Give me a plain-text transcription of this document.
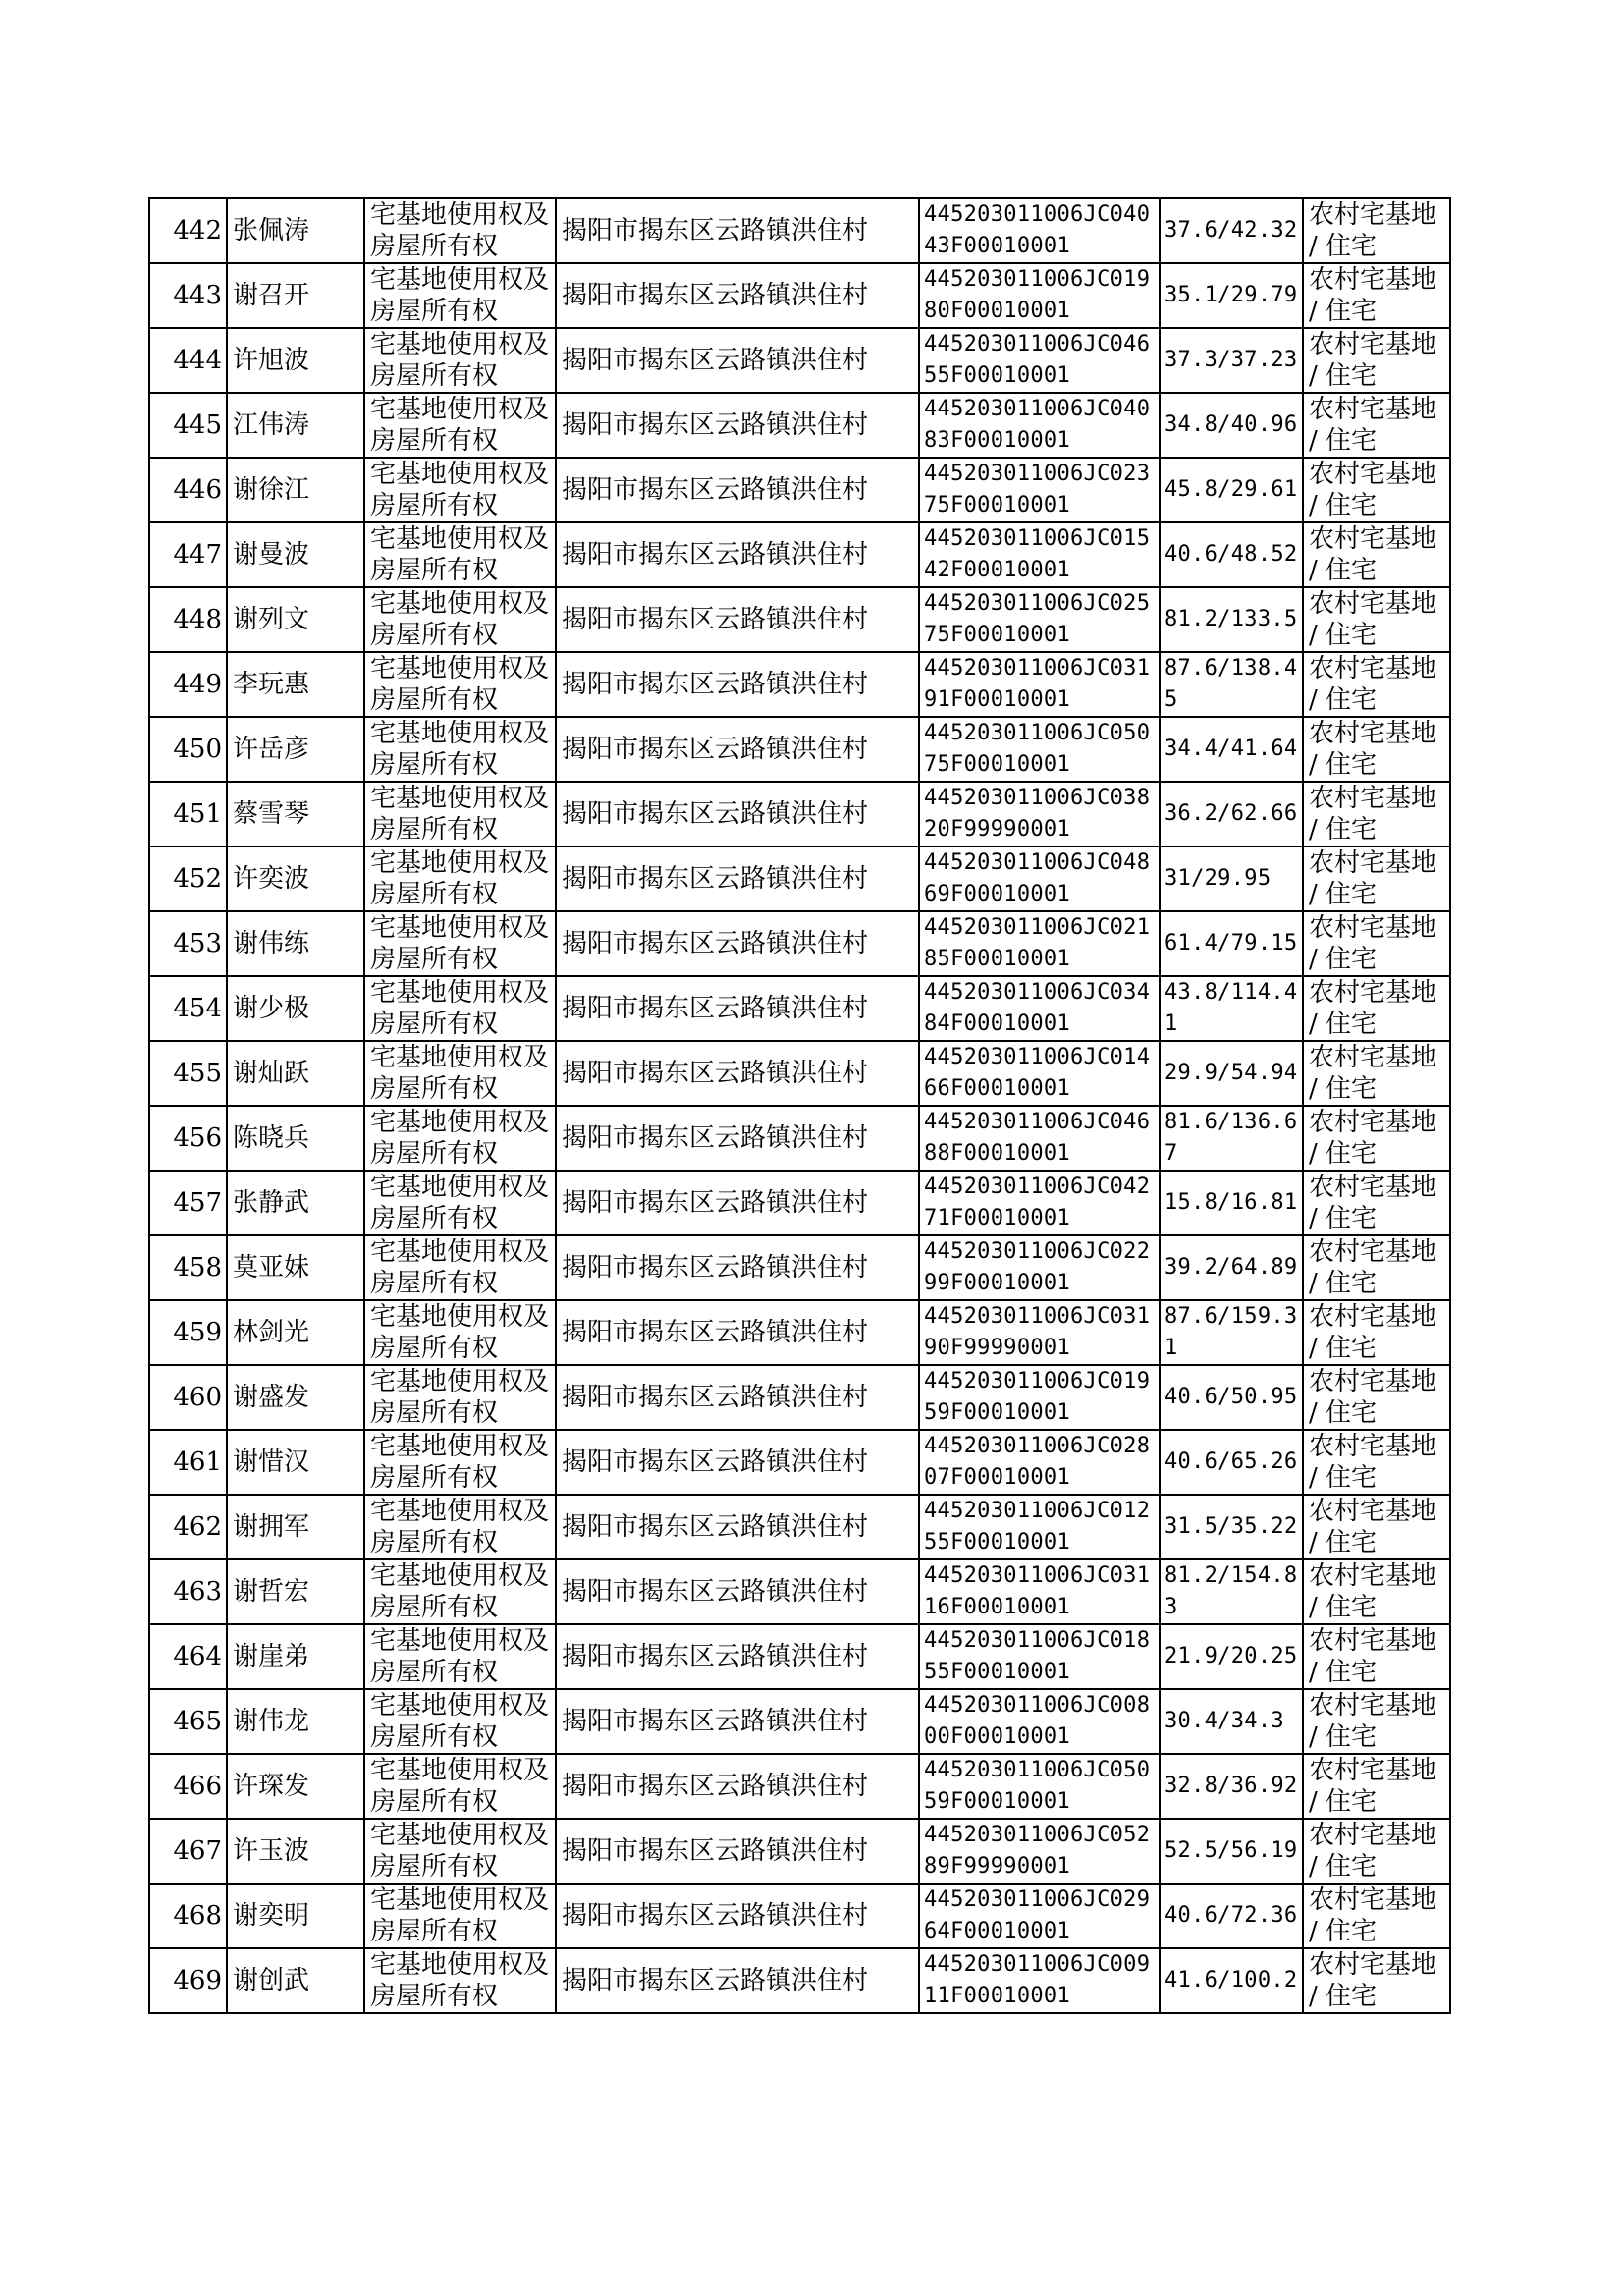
442	张佩涛	宅基地使用权及房屋所有权	揭阳市揭东区云路镇洪住村	445203011006JC04043F00010001	37.6/42.32	农村宅基地 / 住宅
443	谢召开	宅基地使用权及房屋所有权	揭阳市揭东区云路镇洪住村	445203011006JC01980F00010001	35.1/29.79	农村宅基地 / 住宅
444	许旭波	宅基地使用权及房屋所有权	揭阳市揭东区云路镇洪住村	445203011006JC04655F00010001	37.3/37.23	农村宅基地 / 住宅
445	江伟涛	宅基地使用权及房屋所有权	揭阳市揭东区云路镇洪住村	445203011006JC04083F00010001	34.8/40.96	农村宅基地 / 住宅
446	谢徐江	宅基地使用权及房屋所有权	揭阳市揭东区云路镇洪住村	445203011006JC02375F00010001	45.8/29.61	农村宅基地 / 住宅
447	谢曼波	宅基地使用权及房屋所有权	揭阳市揭东区云路镇洪住村	445203011006JC01542F00010001	40.6/48.52	农村宅基地 / 住宅
448	谢列文	宅基地使用权及房屋所有权	揭阳市揭东区云路镇洪住村	445203011006JC02575F00010001	81.2/133.5	农村宅基地 / 住宅
449	李玩惠	宅基地使用权及房屋所有权	揭阳市揭东区云路镇洪住村	445203011006JC03191F00010001	87.6/138.45	农村宅基地 / 住宅
450	许岳彦	宅基地使用权及房屋所有权	揭阳市揭东区云路镇洪住村	445203011006JC05075F00010001	34.4/41.64	农村宅基地 / 住宅
451	蔡雪琴	宅基地使用权及房屋所有权	揭阳市揭东区云路镇洪住村	445203011006JC03820F99990001	36.2/62.66	农村宅基地 / 住宅
452	许奕波	宅基地使用权及房屋所有权	揭阳市揭东区云路镇洪住村	445203011006JC04869F00010001	31/29.95	农村宅基地 / 住宅
453	谢伟练	宅基地使用权及房屋所有权	揭阳市揭东区云路镇洪住村	445203011006JC02185F00010001	61.4/79.15	农村宅基地 / 住宅
454	谢少极	宅基地使用权及房屋所有权	揭阳市揭东区云路镇洪住村	445203011006JC03484F00010001	43.8/114.41	农村宅基地 / 住宅
455	谢灿跃	宅基地使用权及房屋所有权	揭阳市揭东区云路镇洪住村	445203011006JC01466F00010001	29.9/54.94	农村宅基地 / 住宅
456	陈晓兵	宅基地使用权及房屋所有权	揭阳市揭东区云路镇洪住村	445203011006JC04688F00010001	81.6/136.67	农村宅基地 / 住宅
457	张静武	宅基地使用权及房屋所有权	揭阳市揭东区云路镇洪住村	445203011006JC04271F00010001	15.8/16.81	农村宅基地 / 住宅
458	莫亚妹	宅基地使用权及房屋所有权	揭阳市揭东区云路镇洪住村	445203011006JC02299F00010001	39.2/64.89	农村宅基地 / 住宅
459	林剑光	宅基地使用权及房屋所有权	揭阳市揭东区云路镇洪住村	445203011006JC03190F99990001	87.6/159.31	农村宅基地 / 住宅
460	谢盛发	宅基地使用权及房屋所有权	揭阳市揭东区云路镇洪住村	445203011006JC01959F00010001	40.6/50.95	农村宅基地 / 住宅
461	谢惜汉	宅基地使用权及房屋所有权	揭阳市揭东区云路镇洪住村	445203011006JC02807F00010001	40.6/65.26	农村宅基地 / 住宅
462	谢拥军	宅基地使用权及房屋所有权	揭阳市揭东区云路镇洪住村	445203011006JC01255F00010001	31.5/35.22	农村宅基地 / 住宅
463	谢哲宏	宅基地使用权及房屋所有权	揭阳市揭东区云路镇洪住村	445203011006JC03116F00010001	81.2/154.83	农村宅基地 / 住宅
464	谢崖弟	宅基地使用权及房屋所有权	揭阳市揭东区云路镇洪住村	445203011006JC01855F00010001	21.9/20.25	农村宅基地 / 住宅
465	谢伟龙	宅基地使用权及房屋所有权	揭阳市揭东区云路镇洪住村	445203011006JC00800F00010001	30.4/34.3	农村宅基地 / 住宅
466	许琛发	宅基地使用权及房屋所有权	揭阳市揭东区云路镇洪住村	445203011006JC05059F00010001	32.8/36.92	农村宅基地 / 住宅
467	许玉波	宅基地使用权及房屋所有权	揭阳市揭东区云路镇洪住村	445203011006JC05289F99990001	52.5/56.19	农村宅基地 / 住宅
468	谢奕明	宅基地使用权及房屋所有权	揭阳市揭东区云路镇洪住村	445203011006JC02964F00010001	40.6/72.36	农村宅基地 / 住宅
469	谢创武	宅基地使用权及房屋所有权	揭阳市揭东区云路镇洪住村	445203011006JC00911F00010001	41.6/100.2	农村宅基地 / 住宅
